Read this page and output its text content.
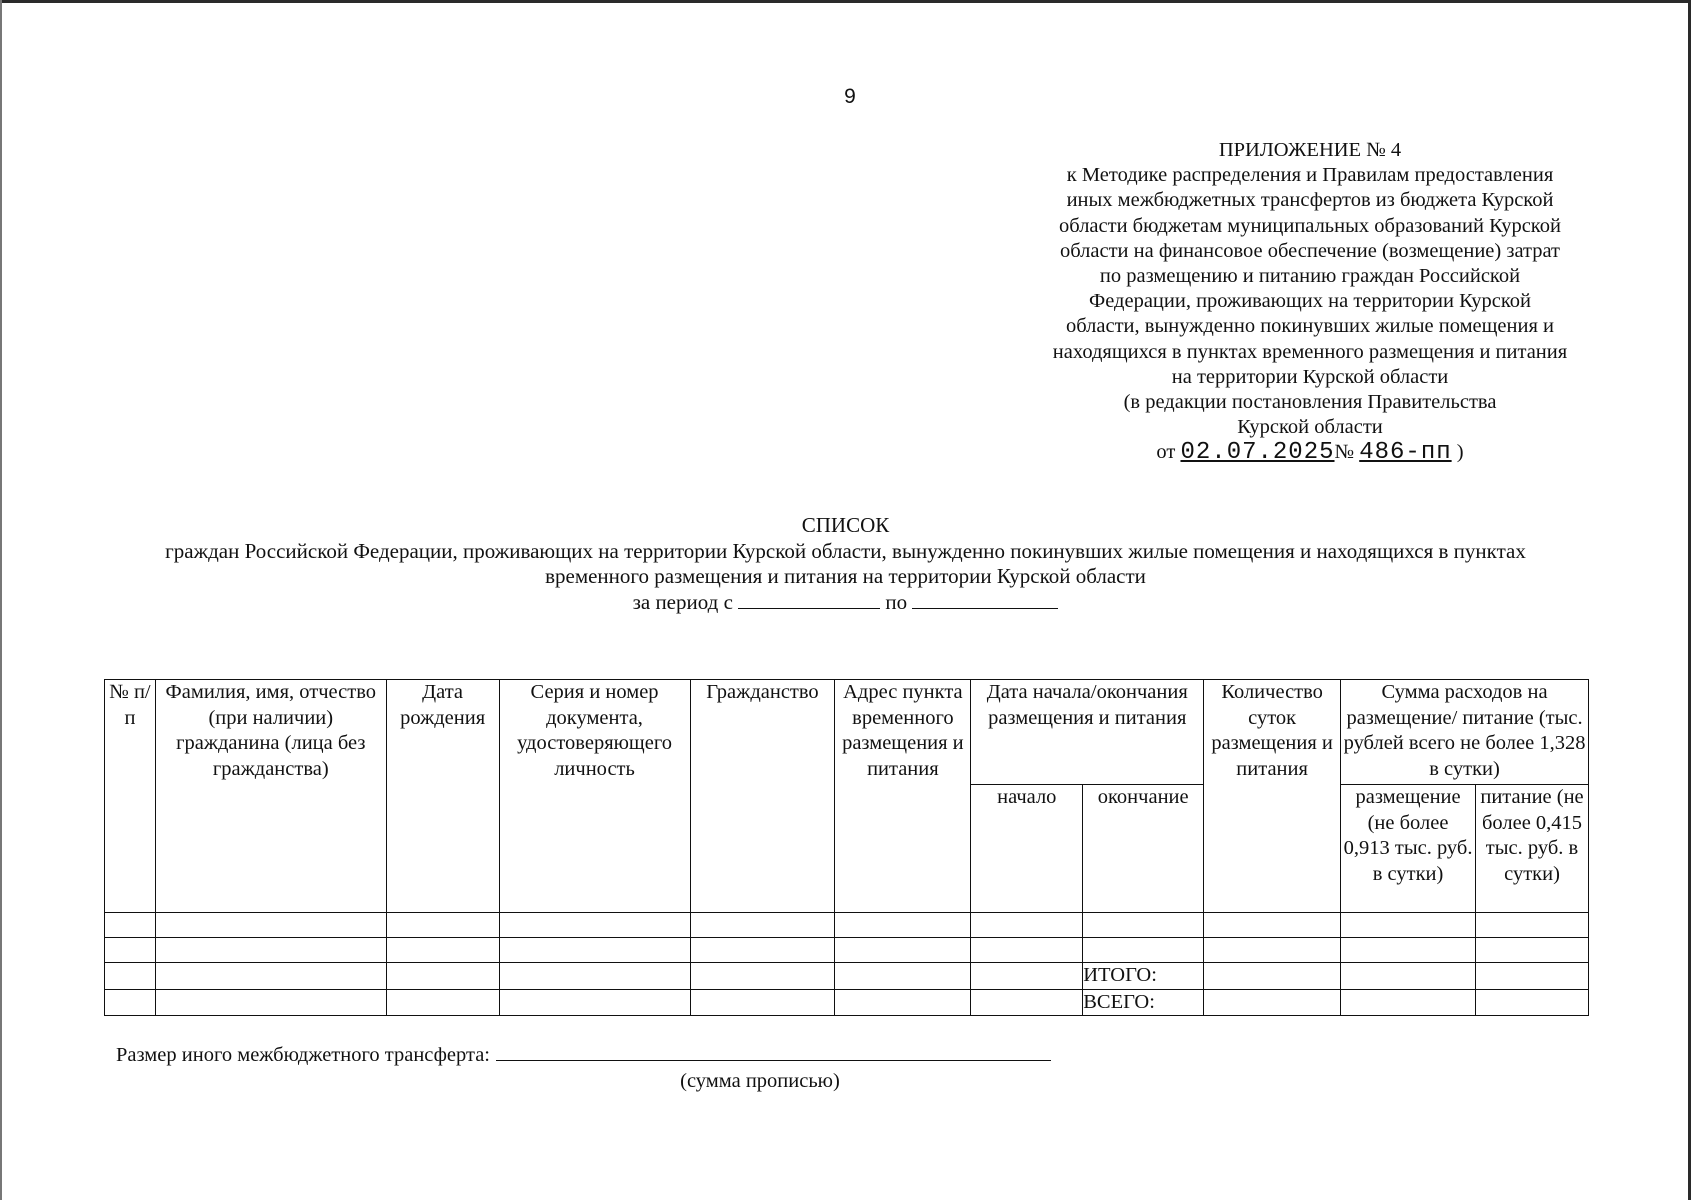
9
ПРИЛОЖЕНИЕ № 4
к Методике распределения и Правилам предоставления
иных межбюджетных трансфертов из бюджета Курской
области бюджетам муниципальных образований Курской
области на финансовое обеспечение (возмещение) затрат
по размещению и питанию граждан Российской
Федерации, проживающих на территории Курской
области, вынужденно покинувших жилые помещения и
находящихся в пунктах временного размещения и питания
на территории Курской области
(в редакции постановления Правительства
Курской области
от 02.07.2025№ 486-пп )
СПИСОК
граждан Российской Федерации, проживающих на территории Курской области, вынужденно покинувших жилые помещения и находящихся в пунктах
временного размещения и питания на территории Курской области
за период с	по
№ п/п	Фамилия, имя, отчество (при наличии) гражданина (лица без гражданства)	Дата рождения	Серия и номер документа, удостоверяющего личность	Гражданство	Адрес пункта временного размещения и питания	Дата начала/окончания размещения и питания		Количество суток размещения и питания	Сумма расходов на размещение/ питание (тыс. рублей всего не более 1,328 в сутки)	
						начало	окончание		размещение (не более 0,913 тыс. руб. в сутки)	питание (не более 0,415 тыс. руб. в сутки)

							ИТОГО:			
							ВСЕГО:			
Размер иного межбюджетного трансферта:
(сумма прописью)
